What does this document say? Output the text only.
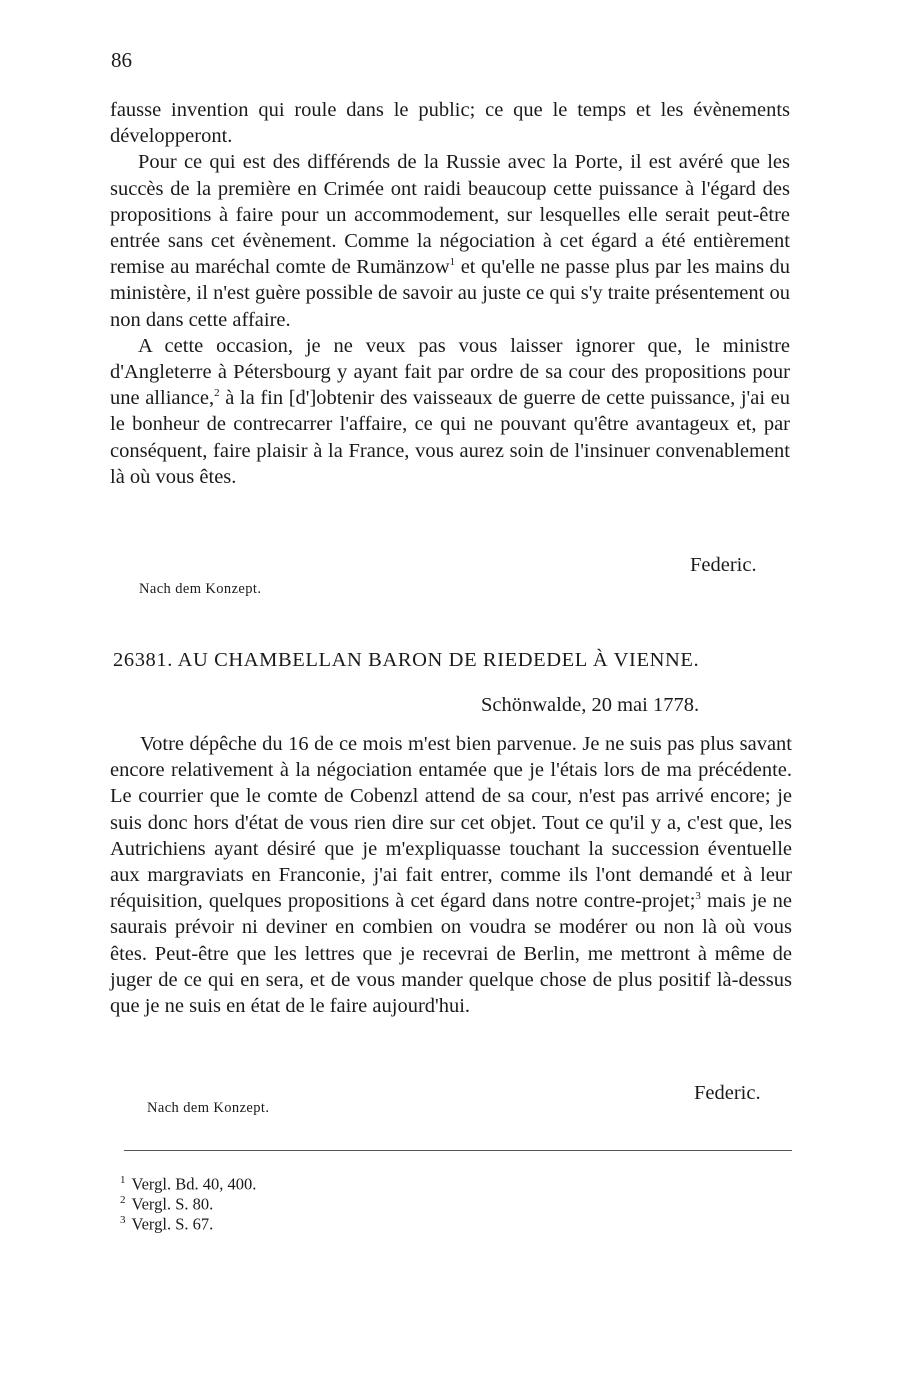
86

fausse invention qui roule dans le public; ce que le temps et les évènements développeront.

Pour ce qui est des différends de la Russie avec la Porte, il est avéré que les succès de la première en Crimée ont raidi beaucoup cette puissance à l'égard des propositions à faire pour un accommodement, sur lesquelles elle serait peut-être entrée sans cet évènement. Comme la négociation à cet égard a été entièrement remise au maréchal comte de Rumänzow$^1$ et qu'elle ne passe plus par les mains du ministère, il n'est guère possible de savoir au juste ce qui s'y traite présentement ou non dans cette affaire.

A cette occasion, je ne veux pas vous laisser ignorer que, le ministre d'Angleterre à Pétersbourg y ayant fait par ordre de sa cour des propositions pour une alliance,$^2$ à la fin [d']obtenir des vaisseaux de guerre de cette puissance, j'ai eu le bonheur de contrecarrer l'affaire, ce qui ne pouvant qu'être avantageux et, par conséquent, faire plaisir à la France, vous aurez soin de l'insinuer convenablement là où vous êtes.

Federic.
Nach dem Konzept.
26381. AU CHAMBELLAN BARON DE RIEDEDEL À VIENNE.
Schönwalde, 20 mai 1778.

Votre dépêche du 16 de ce mois m'est bien parvenue. Je ne suis pas plus savant encore relativement à la négociation entamée que je l'étais lors de ma précédente. Le courrier que le comte de Cobenzl attend de sa cour, n'est pas arrivé encore; je suis donc hors d'état de vous rien dire sur cet objet. Tout ce qu'il y a, c'est que, les Autrichiens ayant désiré que je m'expliquasse touchant la succession éventuelle aux margraviats en Franconie, j'ai fait entrer, comme ils l'ont demandé et à leur réquisition, quelques propositions à cet égard dans notre contre-projet;$^3$ mais je ne saurais prévoir ni deviner en combien on voudra se modérer ou non là où vous êtes. Peut-être que les lettres que je recevrai de Berlin, me mettront à même de juger de ce qui en sera, et de vous mander quelque chose de plus positif là-dessus que je ne suis en état de le faire aujourd'hui.

Federic.
Nach dem Konzept.
$^1$ Vergl. Bd. 40, 400.
$^2$ Vergl. S. 80.
$^3$ Vergl. S. 67.
